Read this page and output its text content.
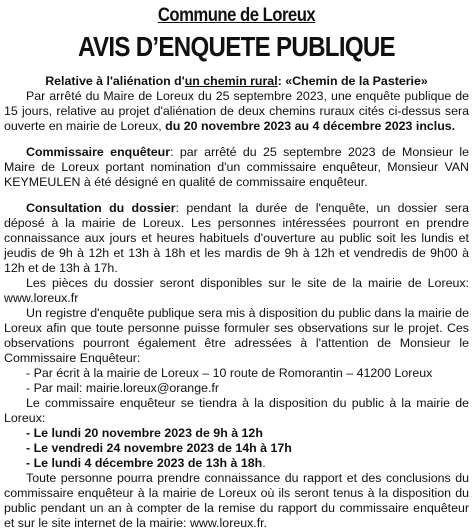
Commune de Loreux
AVIS D’ENQUETE PUBLIQUE
Relative à l'aliénation d'un chemin rural: «Chemin de la Pasterie»

Par arrêté du Maire de Loreux du 25 septembre 2023, une enquête publique de 15 jours, relative au projet d'aliénation de deux chemins ruraux cités ci-dessus sera ouverte en mairie de Loreux, du 20 novembre 2023 au 4 décembre 2023 inclus.

Commissaire enquêteur: par arrêté du 25 septembre 2023 de Monsieur le Maire de Loreux portant nomination d'un commissaire enquêteur, Monsieur VAN KEYMEULEN à été désigné en qualité de commissaire enquêteur.

Consultation du dossier: pendant la durée de l'enquête, un dossier sera déposé à la mairie de Loreux. Les personnes intéressées pourront en prendre connaissance aux jours et heures habituels d'ouverture au public soit les lundis et jeudis de 9h à 12h et 13h à 18h et les mardis de 9h à 12h et vendredis de 9h00 à 12h et de 13h à 17h.

Les pièces du dossier seront disponibles sur le site de la mairie de Loreux: www.loreux.fr

Un registre d'enquête publique sera mis à disposition du public dans la mairie de Loreux afin que toute personne puisse formuler ses observations sur le projet. Ces observations pourront également être adressées à l'attention de Monsieur le Commissaire Enquêteur:

- Par écrit à la mairie de Loreux – 10 route de Romorantin – 41200 Loreux

- Par mail: mairie.loreux@orange.fr

Le commissaire enquêteur se tiendra à la disposition du public à la mairie de Loreux:

- Le lundi 20 novembre 2023 de 9h à 12h

- Le vendredi 24 novembre 2023 de 14h à 17h

- Le lundi 4 décembre 2023 de 13h à 18h.

Toute personne pourra prendre connaissance du rapport et des conclusions du commissaire enquêteur à la mairie de Loreux où ils seront tenus à la disposition du public pendant un an à compter de la remise du rapport du commissaire enquêteur et sur le site internet de la mairie: www.loreux.fr.
